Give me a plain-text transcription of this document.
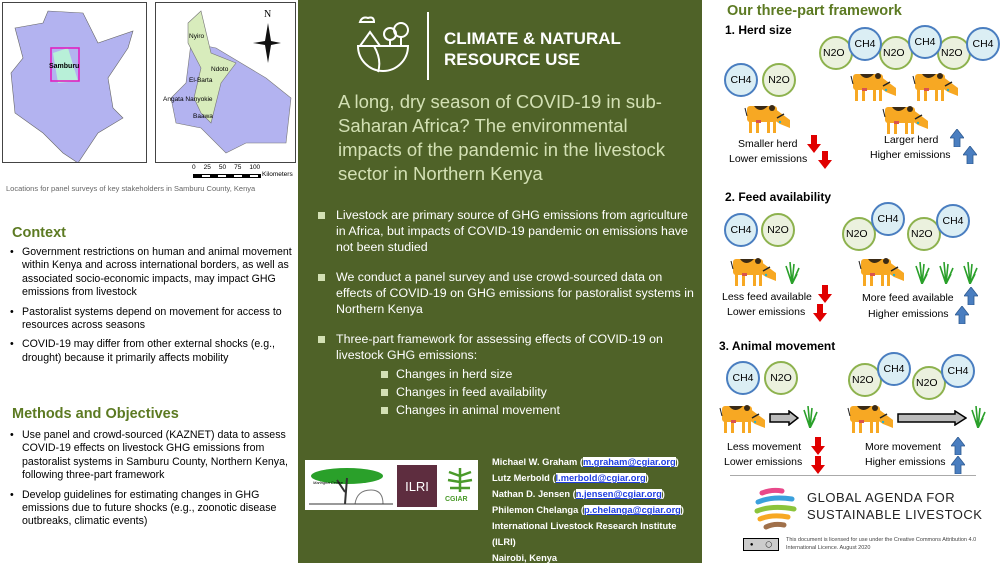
Samburu
N
Nyiro
Ndoto
El-Barta
Angata Nanyokie
Baawa
0 25 50 75 100
Kilometers
Locations for panel surveys of key stakeholders in Samburu County, Kenya
Context
• Government restrictions on human and animal movement within Kenya and across international borders, as well as associated socio-economic impacts, may impact GHG emissions from livestock
• Pastoralist systems depend on movement for access to resources across seasons
• COVID-19 may differ from other external shocks (e.g., drought) because it primarily affects mobility
Methods and Objectives
• Use panel and crowd-sourced (KAZNET) data to assess COVID-19 effects on livestock GHG emissions from pastoralist systems in Samburu County, Northern Kenya, following three-part framework
• Develop guidelines for estimating changes in GHG emissions due to future shocks (e.g., zoonotic disease outbreaks, climatic events)
CLIMATE & NATURAL
RESOURCE USE
A long, dry season of COVID-19 in sub-Saharan Africa? The environmental impacts of the pandemic in the livestock sector in Northern Kenya
Livestock are primary source of GHG emissions from agriculture in Africa, but impacts of COVID-19 pandemic on emissions have not been studied
We conduct a panel survey and use crowd-sourced data on effects of COVID-19 on GHG emissions for pastoralist systems in Northern Kenya
Three-part framework for assessing effects of COVID-19 on livestock GHG emissions:
Changes in herd size
Changes in feed availability
Changes in animal movement
Maringira Centre	ILRI
CGIAR
Michael W. Graham (m.graham@cgiar.org)
Lutz Merbold (l.merbold@cgiar.org)
Nathan D. Jensen (n.jensen@cgiar.org)
Philemon Chelanga (p.chelanga@cgiar.org)
International Livestock Research Institute (ILRI)
Nairobi, Kenya
Our three-part framework
1. Herd size
CH4	N2O
Smaller herd
Lower emissions
N2O
CH4
N2O
CH4
N2O
CH4
Larger herd
Higher emissions
2. Feed availability
CH4	N2O
Less feed available
Lower emissions
N2O
CH4
N2O
CH4
More feed available
Higher emissions
3. Animal movement
CH4	N2O
Less movement
Lower emissions
N2O
CH4
N2O
CH4
More movement
Higher emissions
GLOBAL AGENDA FOR
SUSTAINABLE LIVESTOCK
● ◯
This document is licensed for use under the Creative Commons Attribution 4.0 International Licence. August 2020
